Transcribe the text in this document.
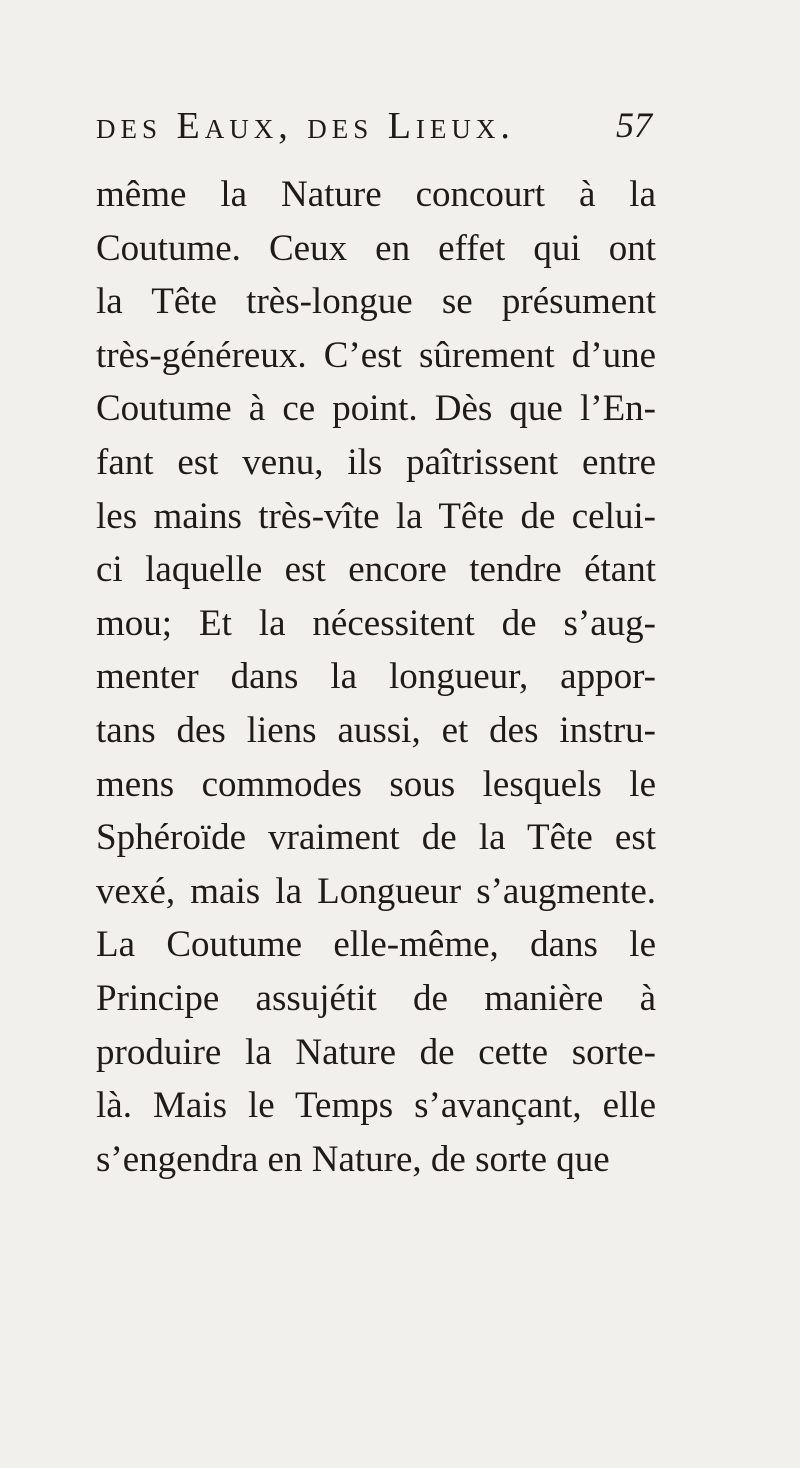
des Eaux, des Lieux.	57
même la Nature concourt à la
Coutume. Ceux en effet qui ont
la Tête très-longue se présument
très-généreux. C’est sûrement d’une
Coutume à ce point. Dès que l’En-
fant est venu, ils paîtrissent entre
les mains très-vîte la Tête de celui-
ci laquelle est encore tendre étant
mou; Et la nécessitent de s’aug-
menter dans la longueur, appor-
tans des liens aussi, et des instru-
mens commodes sous lesquels le
Sphéroïde vraiment de la Tête est
vexé, mais la Longueur s’augmente.
La Coutume elle-même, dans le
Principe assujétit de manière à
produire la Nature de cette sorte-
là. Mais le Temps s’avançant, elle
s’engendra en Nature, de sorte que
